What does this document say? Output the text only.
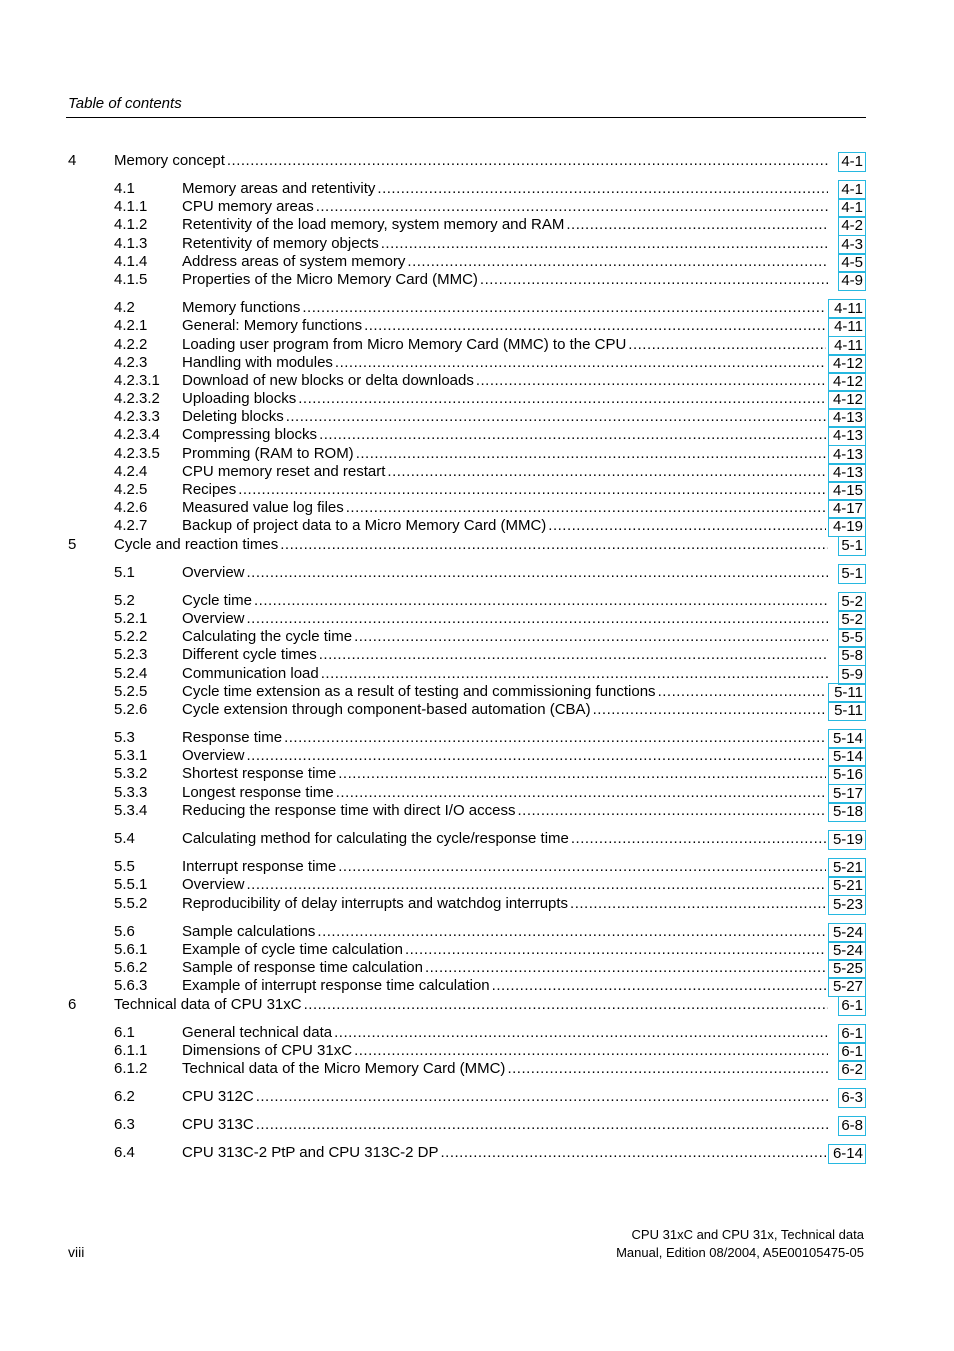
Table of contents
4	Memory concept .....	4-1
4.1	Memory areas and retentivity .....	4-1
4.1.1 CPU memory areas .....	4-1
4.1.2 Retentivity of the load memory, system memory and RAM .....	4-2
4.1.3 Retentivity of memory objects .....	4-3
4.1.4 Address areas of system memory .....	4-5
4.1.5 Properties of the Micro Memory Card (MMC) .....	4-9
4.2	Memory functions .....	4-11
4.2.1 General: Memory functions .....	4-11
4.2.2 Loading user program from Micro Memory Card (MMC) to the CPU .....	4-11
4.2.3 Handling with modules .....	4-12
4.2.3.1 Download of new blocks or delta downloads .....	4-12
4.2.3.2 Uploading blocks .....	4-12
4.2.3.3 Deleting blocks .....	4-13
4.2.3.4 Compressing blocks .....	4-13
4.2.3.5 Promming (RAM to ROM) .....	4-13
4.2.4 CPU memory reset and restart .....	4-13
4.2.5 Recipes .....	4-15
4.2.6 Measured value log files .....	4-17
4.2.7 Backup of project data to a Micro Memory Card (MMC) .....	4-19
5	Cycle and reaction times .....	5-1
5.1	Overview .....	5-1
5.2	Cycle time .....	5-2
5.2.1 Overview .....	5-2
5.2.2 Calculating the cycle time .....	5-5
5.2.3 Different cycle times .....	5-8
5.2.4 Communication load .....	5-9
5.2.5 Cycle time extension as a result of testing and commissioning functions .....	5-11
5.2.6 Cycle extension through component-based automation (CBA) .....	5-11
5.3	Response time .....	5-14
5.3.1 Overview .....	5-14
5.3.2 Shortest response time .....	5-16
5.3.3 Longest response time .....	5-17
5.3.4 Reducing the response time with direct I/O access .....	5-18
5.4	Calculating method for calculating the cycle/response time .....	5-19
5.5	Interrupt response time .....	5-21
5.5.1 Overview .....	5-21
5.5.2 Reproducibility of delay interrupts and watchdog interrupts .....	5-23
5.6	Sample calculations .....	5-24
5.6.1 Example of cycle time calculation .....	5-24
5.6.2 Sample of response time calculation .....	5-25
5.6.3 Example of interrupt response time calculation .....	5-27
6	Technical data of CPU 31xC .....	6-1
6.1	General technical data .....	6-1
6.1.1 Dimensions of CPU 31xC .....	6-1
6.1.2 Technical data of the Micro Memory Card (MMC) .....	6-2
6.2	CPU 312C .....	6-3
6.3	CPU 313C .....	6-8
6.4	CPU 313C-2 PtP and CPU 313C-2 DP .....	6-14
viii
CPU 31xC and CPU 31x, Technical data
Manual, Edition 08/2004, A5E00105475-05
